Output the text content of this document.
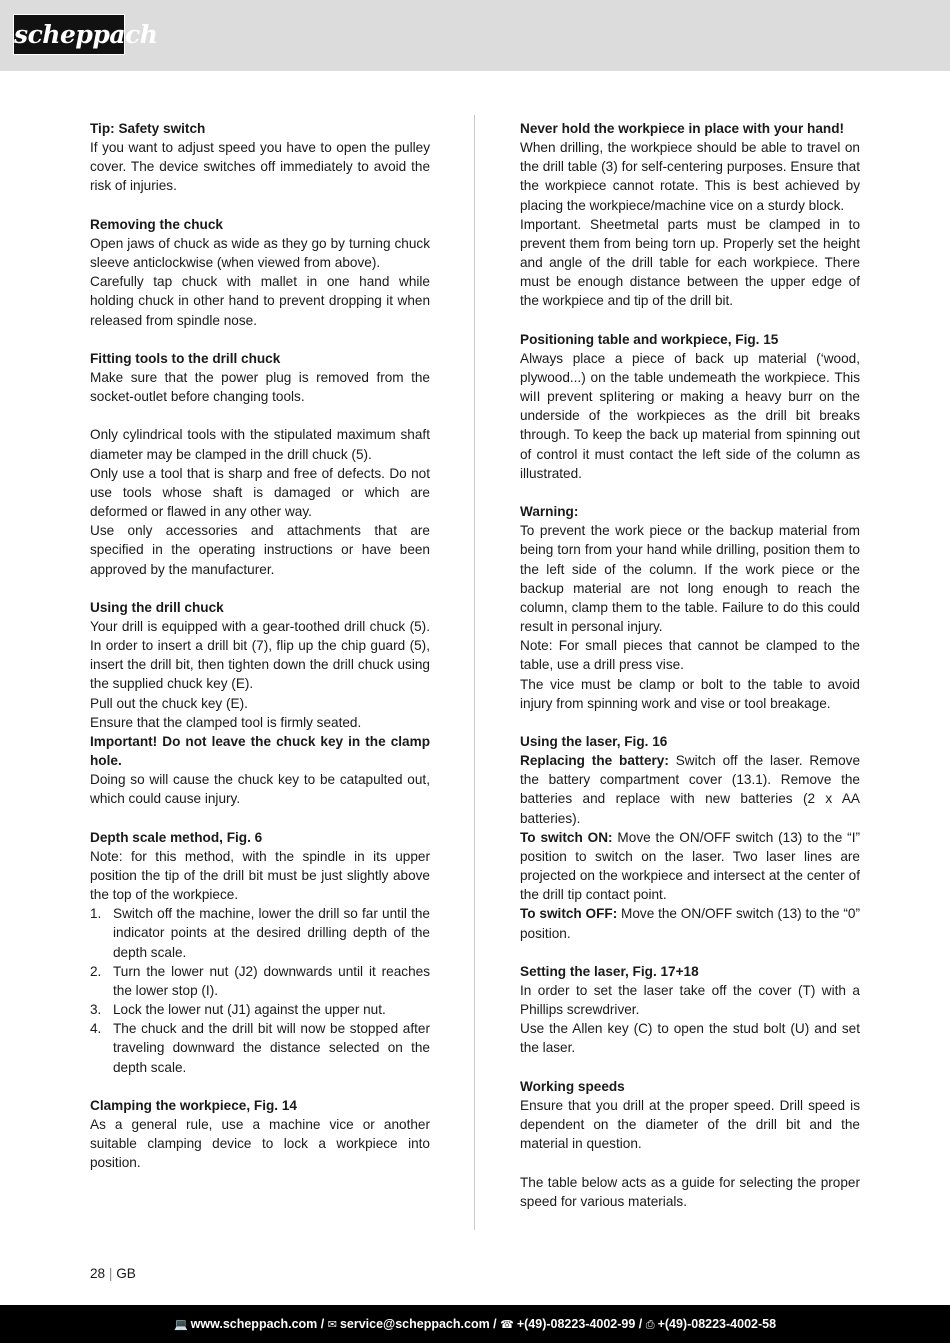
scheppach
Tip: Safety switch

If you want to adjust speed you have to open the pulley cover. The device switches off immediately to avoid the risk of injuries.

Removing the chuck

Open jaws of chuck as wide as they go by turning chuck sleeve anticlockwise (when viewed from above).

Carefully tap chuck with mallet in one hand while holding chuck in other hand to prevent dropping it when released from spindle nose.

Fitting tools to the drill chuck

Make sure that the power plug is removed from the socket-outlet before changing tools.

Only cylindrical tools with the stipulated maximum shaft diameter may be clamped in the drill chuck (5).

Only use a tool that is sharp and free of defects. Do not use tools whose shaft is damaged or which are deformed or flawed in any other way.

Use only accessories and attachments that are specified in the operating instructions or have been approved by the manufacturer.

Using the drill chuck

Your drill is equipped with a gear-toothed drill chuck (5). In order to insert a drill bit (7), flip up the chip guard (5), insert the drill bit, then tighten down the drill chuck using the supplied chuck key (E).

Pull out the chuck key (E).

Ensure that the clamped tool is firmly seated.

Important! Do not leave the chuck key in the clamp hole.

Doing so will cause the chuck key to be catapulted out, which could cause injury.

Depth scale method, Fig. 6

Note: for this method, with the spindle in its upper position the tip of the drill bit must be just slightly above the top of the workpiece.

1. Switch off the machine, lower the drill so far until the indicator points at the desired drilling depth of the depth scale.
2. Turn the lower nut (J2) downwards until it reaches the lower stop (I).
3. Lock the lower nut (J1) against the upper nut.
4. The chuck and the drill bit will now be stopped after traveling downward the distance selected on the depth scale.
Clamping the workpiece, Fig. 14

As a general rule, use a machine vice or another suitable clamping device to lock a workpiece into position.

Never hold the workpiece in place with your hand!

When drilling, the workpiece should be able to travel on the drill table (3) for self-centering purposes. Ensure that the workpiece cannot rotate. This is best achieved by placing the workpiece/machine vice on a sturdy block.

Important. Sheetmetal parts must be clamped in to prevent them from being torn up. Properly set the height and angle of the drill table for each workpiece. There must be enough distance between the upper edge of the workpiece and tip of the drill bit.

Positioning table and workpiece, Fig. 15

Always place a piece of back up material (‘wood, plywood...) on the table undemeath the workpiece. This wiII prevent spIitering or making a heavy burr on the underside of the workpieces as the drill bit breaks through. To keep the back up material from spinning out of control it must contact the left side of the column as illustrated.

Warning:

To prevent the work piece or the backup material from being torn from your hand while drilling, position them to the left side of the column. If the work piece or the backup material are not long enough to reach the column, clamp them to the table. Failure to do this could result in personal injury.

Note: For small pieces that cannot be clamped to the table, use a drill press vise.

The vice must be clamp or bolt to the table to avoid injury from spinning work and vise or tool breakage.

Using the laser, Fig. 16

Replacing the battery: Switch off the laser. Remove the battery compartment cover (13.1). Remove the batteries and replace with new batteries (2 x AA batteries).

To switch ON: Move the ON/OFF switch (13) to the “I” position to switch on the laser. Two laser lines are projected on the workpiece and intersect at the center of the drill tip contact point.

To switch OFF: Move the ON/OFF switch (13) to the “0” position.

Setting the laser, Fig. 17+18

In order to set the laser take off the cover (T) with a Phillips screwdriver.

Use the Allen key (C) to open the stud bolt (U) and set the laser.

Working speeds

Ensure that you drill at the proper speed. Drill speed is dependent on the diameter of the drill bit and the material in question.

The table below acts as a guide for selecting the proper speed for various materials.

28 | GB
💻 www.scheppach.com / ✉ service@scheppach.com / ☎ +(49)-08223-4002-99 / ⎙ +(49)-08223-4002-58
